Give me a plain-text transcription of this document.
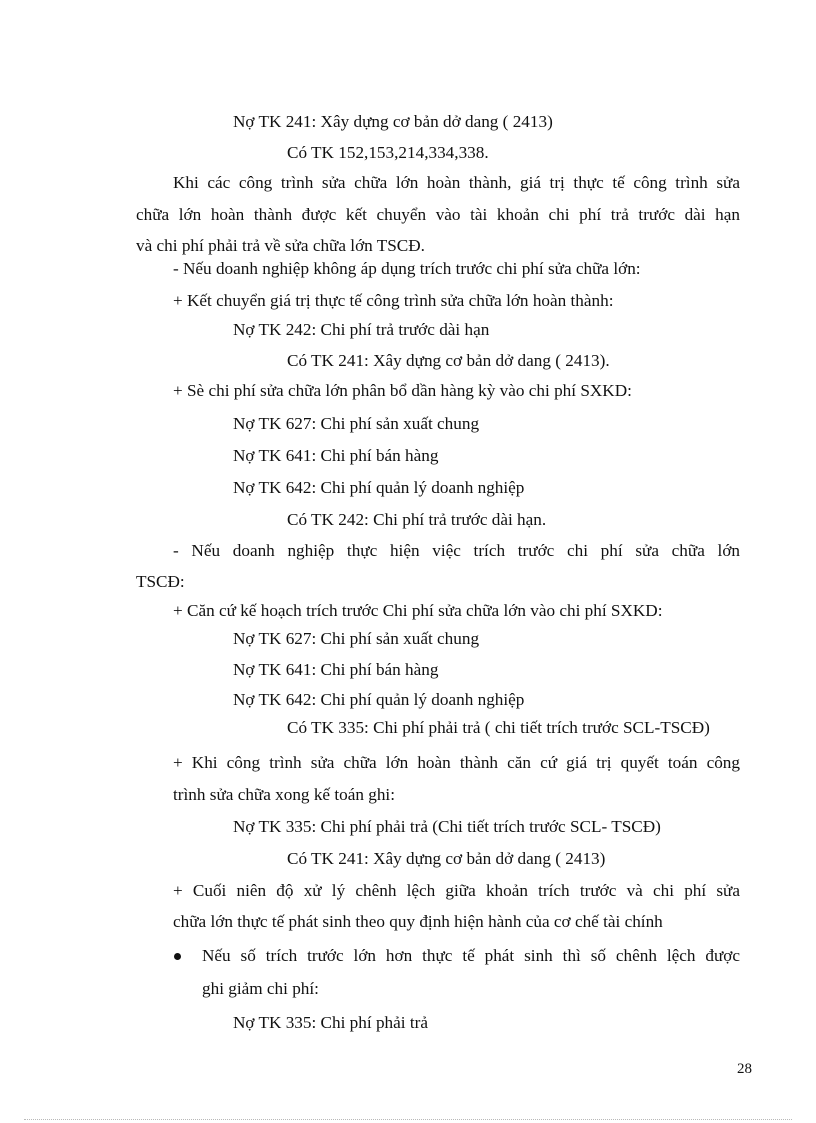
Nợ TK 241: Xây dựng cơ bản dở dang ( 2413)
Có TK 152,153,214,334,338.
Khi các công trình sửa chữa lớn hoàn thành, giá trị thực tế công trình sửa
chữa lớn hoàn thành được kết chuyển vào tài khoản chi phí trả trước dài hạn
và chi phí phải trả về sửa chữa lớn TSCĐ.
- Nếu doanh nghiệp không áp dụng trích trước chi phí sửa chữa lớn:
+ Kết chuyển giá trị thực tế công trình sửa chữa lớn hoàn thành:
Nợ TK 242: Chi phí trả trước dài hạn
Có TK 241: Xây dựng cơ bản dở dang ( 2413).
+ Sè chi phí sửa chữa lớn phân bổ dần hàng kỳ vào chi phí SXKD:
Nợ TK 627: Chi phí sản xuất chung
Nợ TK 641: Chi phí bán hàng
Nợ TK 642: Chi phí quản lý doanh nghiệp
Có TK 242: Chi phí trả trước dài hạn.
- Nếu doanh nghiệp thực hiện việc trích trước chi phí sửa chữa lớn
TSCĐ:
+ Căn cứ kế hoạch trích trước Chi phí sửa chữa lớn vào chi phí SXKD:
Nợ TK 627: Chi phí sản xuất chung
Nợ TK 641: Chi phí bán hàng
Nợ TK 642: Chi phí quản lý doanh nghiệp
Có TK 335: Chi phí phải trả ( chi tiết trích trước SCL-TSCĐ)
+ Khi công trình sửa chữa lớn hoàn thành căn cứ giá trị quyết toán công
trình sửa chữa xong kế toán ghi:
Nợ TK 335: Chi phí phải trả (Chi tiết trích trước SCL- TSCĐ)
Có TK 241: Xây dựng cơ bản dở dang ( 2413)
+ Cuối niên độ xử lý chênh lệch giữa khoản trích trước và chi phí sửa
chữa lớn thực tế phát sinh theo quy định hiện hành của cơ chế tài chính
Nếu số trích trước lớn hơn thực tế phát sinh thì số chênh lệch được
ghi giảm chi phí:
Nợ TK 335: Chi phí phải trả
28
